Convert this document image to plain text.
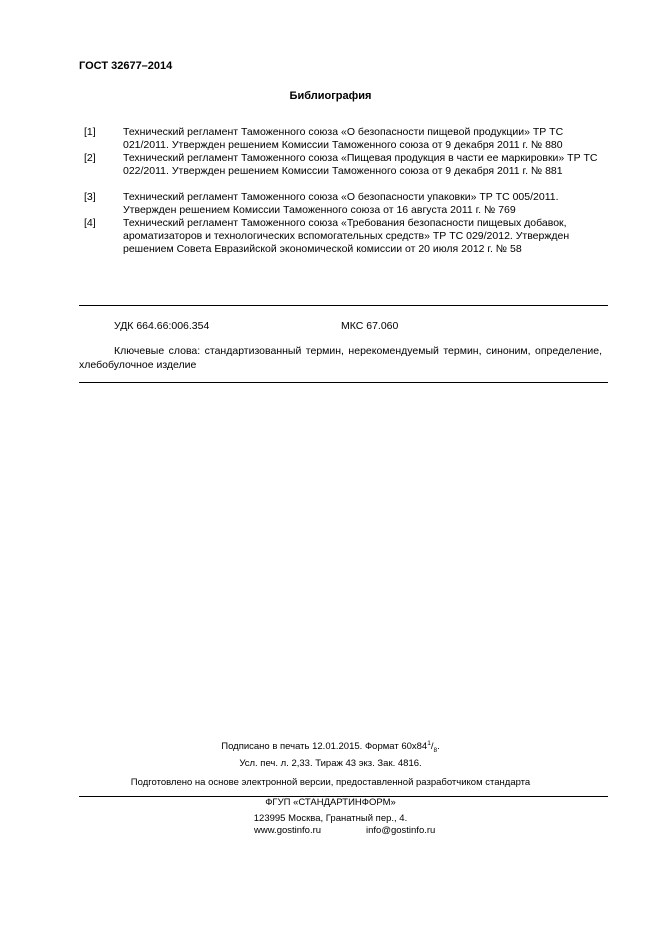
ГОСТ 32677–2014
Библиография
[1]	Технический регламент Таможенного союза «О безопасности пищевой продукции» ТР ТС 021/2011. Утвержден решением Комиссии Таможенного союза от 9 декабря 2011 г. № 880
[2]	Технический регламент Таможенного союза «Пищевая продукция в части ее маркировки» ТР ТС 022/2011. Утвержден решением Комиссии Таможенного союза от 9 декабря 2011 г. № 881
[3]	Технический регламент Таможенного союза «О безопасности упаковки» ТР ТС 005/2011. Утвержден решением Комиссии Таможенного союза от 16 августа 2011 г. № 769
[4]	Технический регламент Таможенного союза «Требования безопасности пищевых добавок, ароматизаторов и технологических вспомогательных средств» ТР ТС 029/2012. Утвержден решением Совета Евразийской экономической комиссии от 20 июля 2012 г. № 58
УДК 664.66:006.354	МКС 67.060
Ключевые слова: стандартизованный термин, нерекомендуемый термин, синоним, определение, хлебобулочное изделие
Подписано в печать 12.01.2015. Формат $60х84^1/_8$.
Усл. печ. л. 2,33. Тираж 43 экз. Зак. 4816.
Подготовлено на основе электронной версии, предоставленной разработчиком стандарта
ФГУП «СТАНДАРТИНФОРМ»
123995 Москва, Гранатный пер., 4.
www.gostinfo.ru	info@gostinfo.ru
